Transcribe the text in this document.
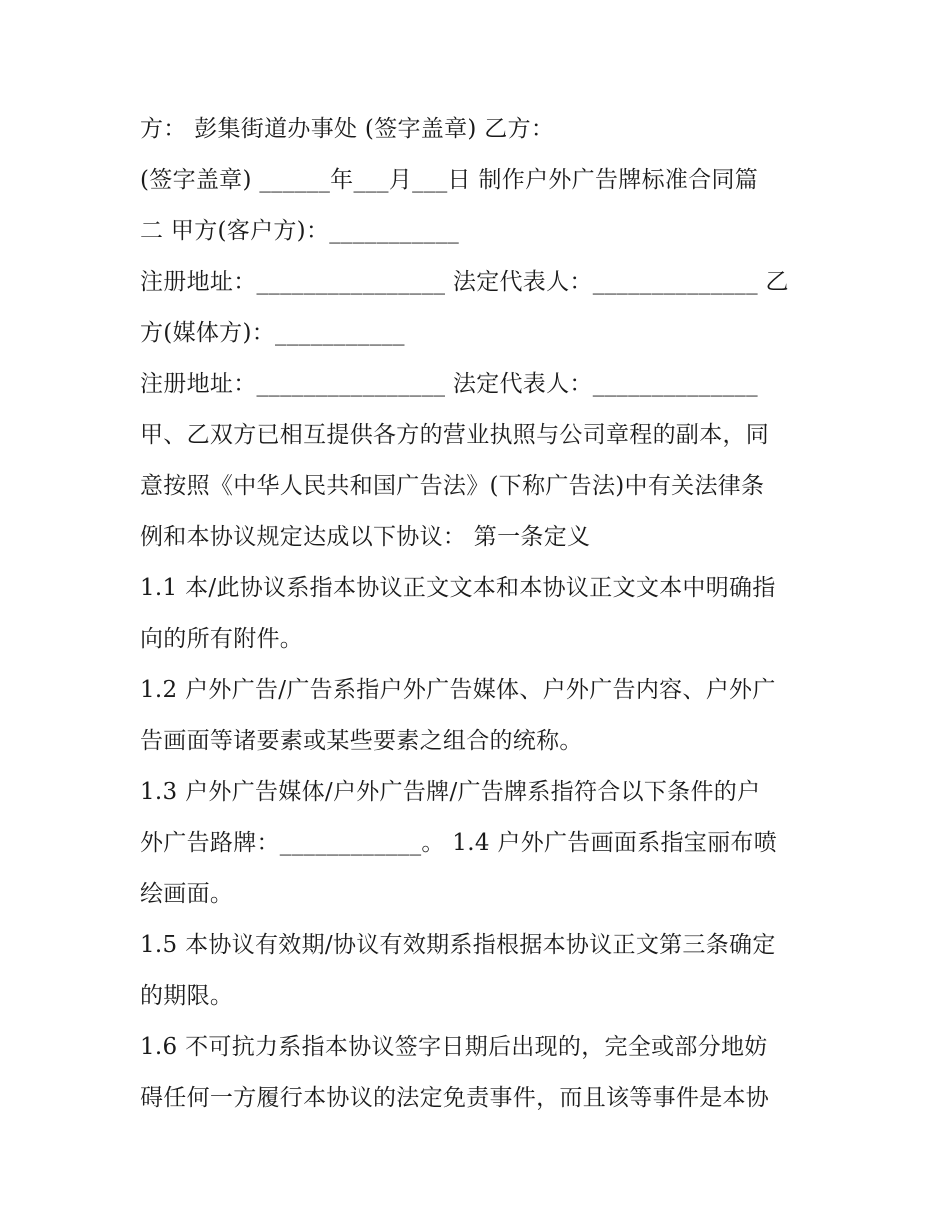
方： 彭集街道办事处 (签字盖章) 乙方：
(签字盖章) ______年___月___日 制作户外广告牌标准合同篇
二 甲方(客户方)：___________
注册地址：________________ 法定代表人：______________ 乙
方(媒体方)：___________
注册地址：________________ 法定代表人：______________
甲、乙双方已相互提供各方的营业执照与公司章程的副本，同
意按照《中华人民共和国广告法》(下称广告法)中有关法律条
例和本协议规定达成以下协议： 第一条定义
1.1 本/此协议系指本协议正文文本和本协议正文文本中明确指
向的所有附件。
1.2 户外广告/广告系指户外广告媒体、户外广告内容、户外广
告画面等诸要素或某些要素之组合的统称。
1.3 户外广告媒体/户外广告牌/广告牌系指符合以下条件的户
外广告路牌：____________。 1.4 户外广告画面系指宝丽布喷
绘画面。
1.5 本协议有效期/协议有效期系指根据本协议正文第三条确定
的期限。
1.6 不可抗力系指本协议签字日期后出现的，完全或部分地妨
碍任何一方履行本协议的法定免责事件，而且该等事件是本协
